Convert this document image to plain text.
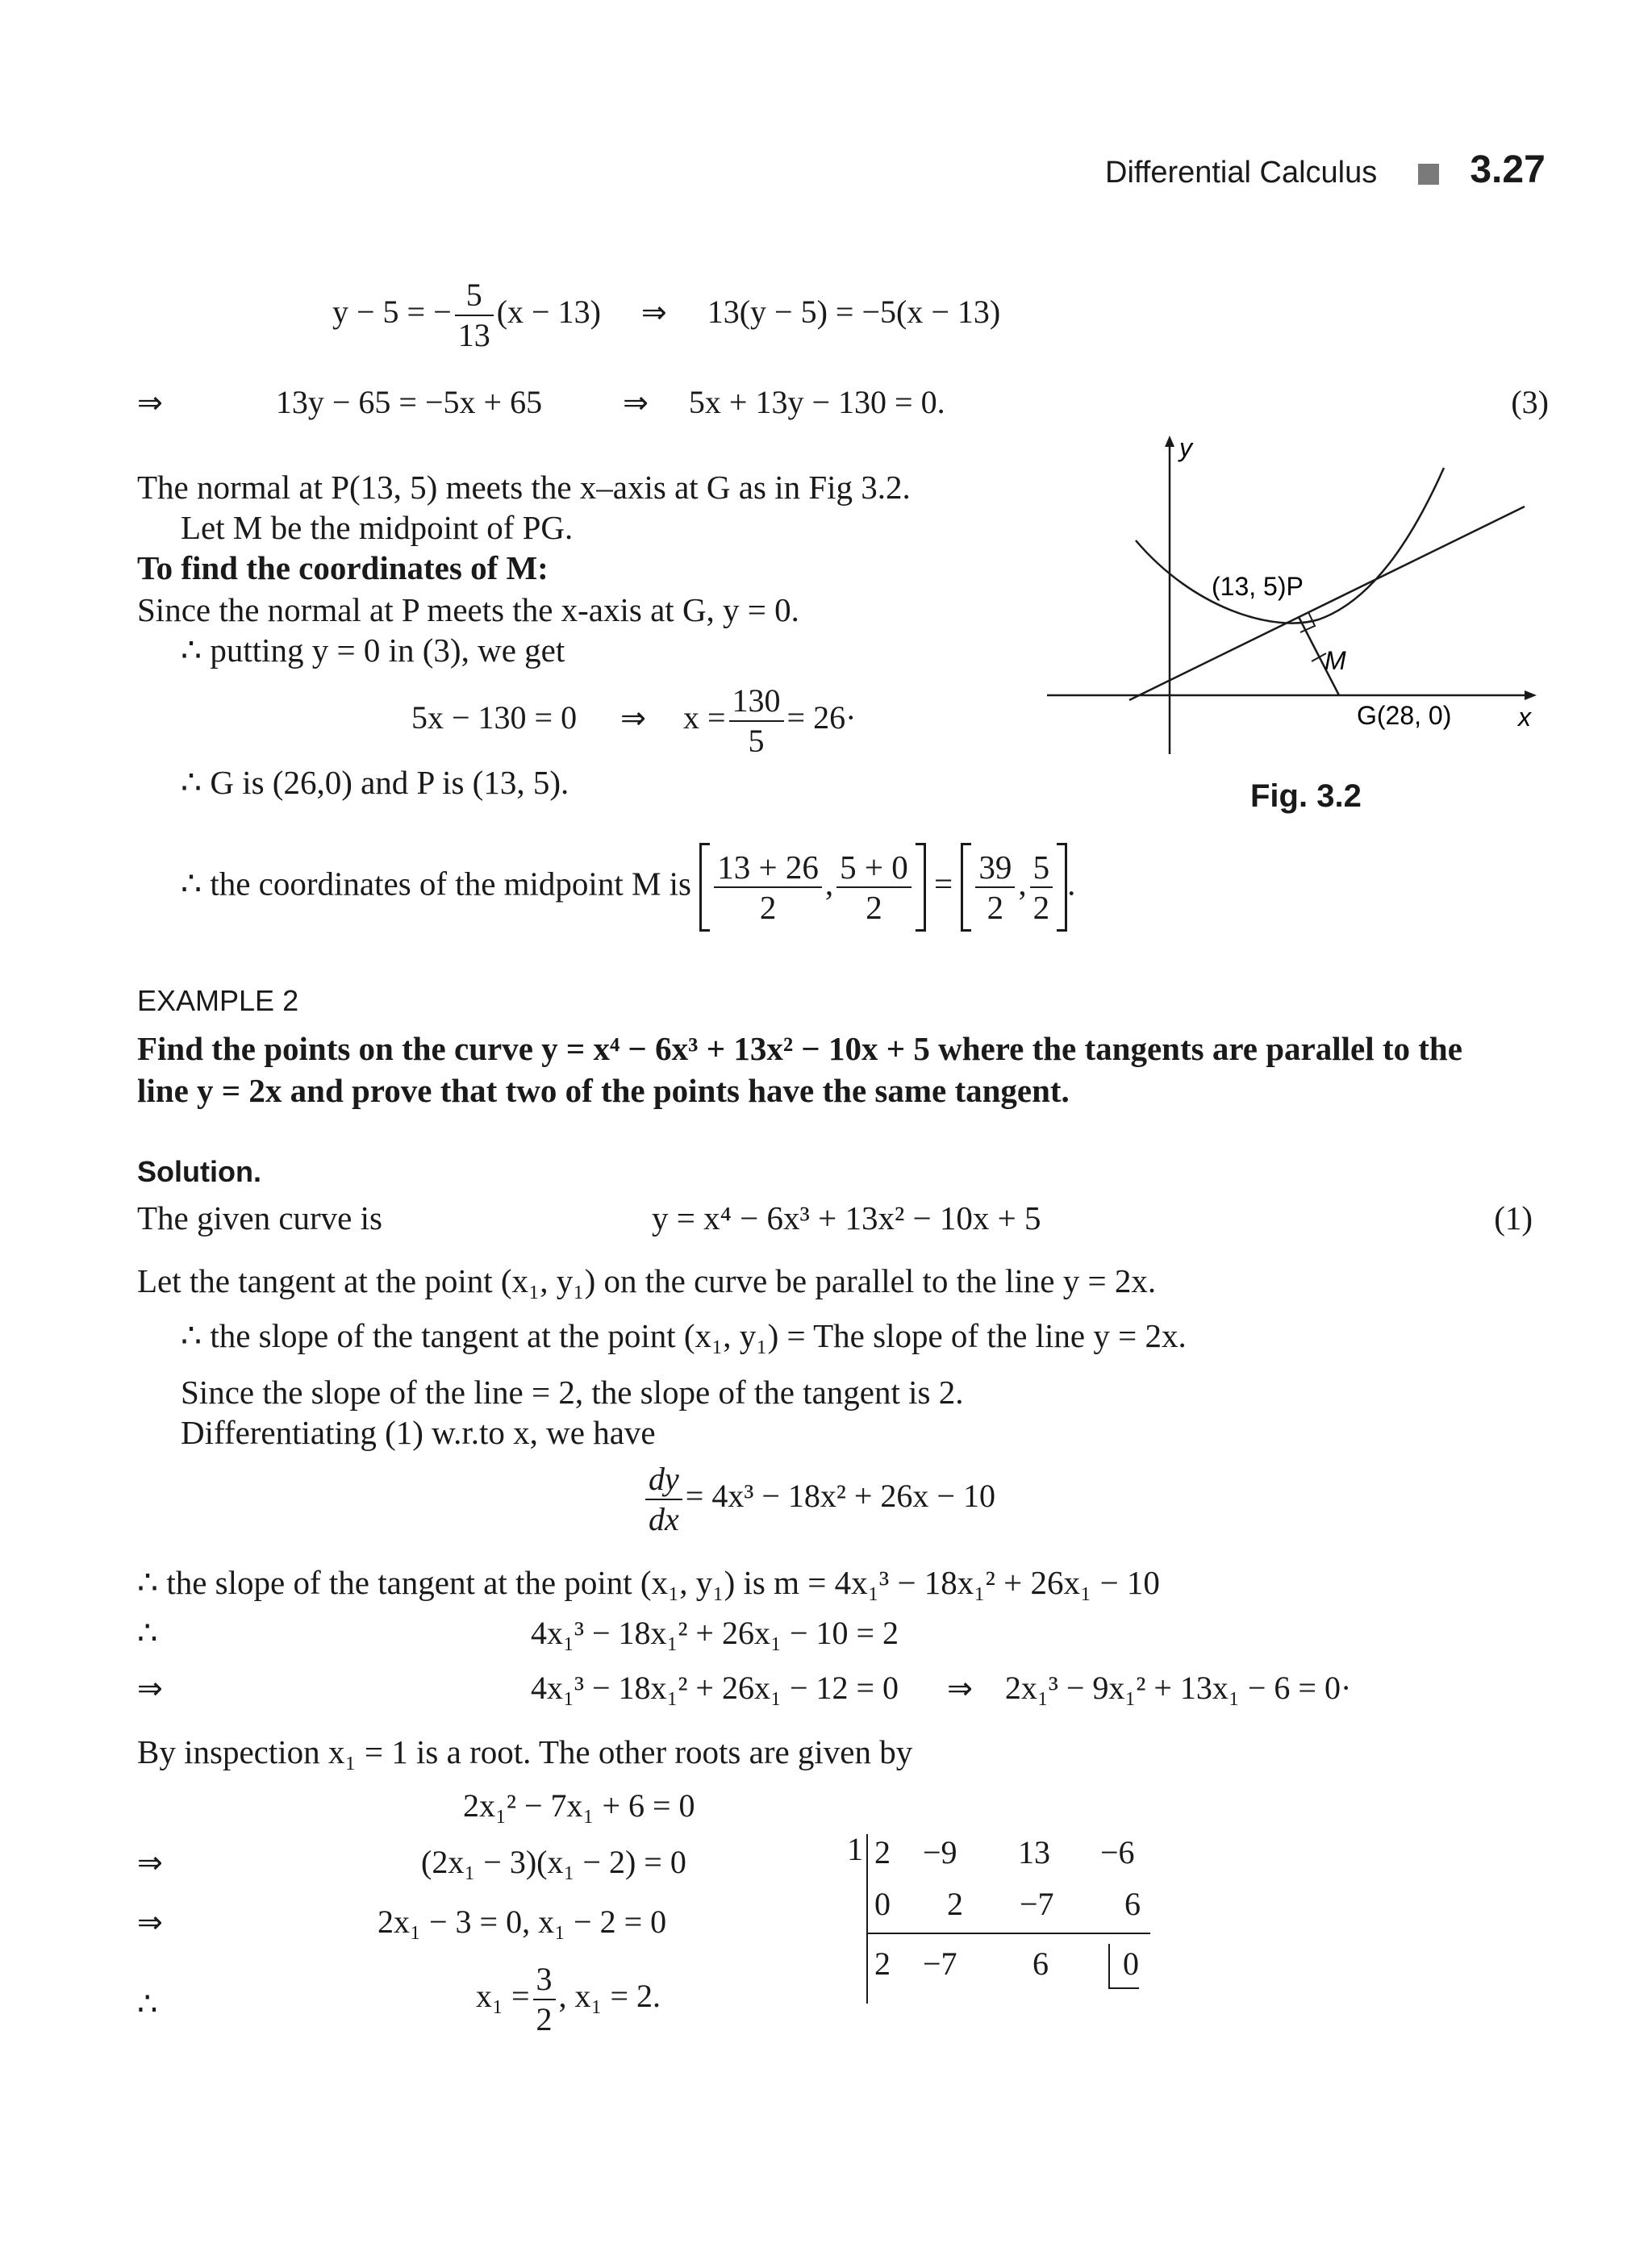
Differential Calculus 3.27
y − 5 = − $\frac{5}{13} (x - 13)$ ⇒ 13(y − 5) = −5(x − 13)
⇒	13y − 65 = −5x + 65	⇒ 5x + 13y − 130 = 0.	(3)
The normal at P(13, 5) meets the x–axis at G as in Fig 3.2.
Let M be the midpoint of PG.
To find the coordinates of M:
Since the normal at P meets the x-axis at G, y = 0.
∴ putting y = 0 in (3), we get
5x − 130 = 0 ⇒ $x = \frac{130}{5} = 26\cdot$
∴ G is (26,0) and P is (13, 5).
∴ the coordinates of the midpoint M is $\frac{13 + 26}{2}$ , $\frac{5 + 0}{2} = \frac{39}{2}$ , $\frac{5}{2}$ .
y
(13, 5)P
M
G(28, 0)	x
Fig. 3.2
EXAMPLE 2
Find the points on the curve y = x⁴ − 6x³ + 13x² − 10x + 5 where the tangents are parallel to the
line y = 2x and prove that two of the points have the same tangent.
Solution.
The given curve is	y = x⁴ − 6x³ + 13x² − 10x + 5	(1)
Let the tangent at the point (x₁, y₁) on the curve be parallel to the line y = 2x.
∴ the slope of the tangent at the point (x₁, y₁) = The slope of the line y = 2x.
Since the slope of the line = 2, the slope of the tangent is 2.
Differentiating (1) w.r.to x, we have
$\frac{dy}{dx} = 4x^3 - 18x^2 + 26x - 10$
∴ the slope of the tangent at the point (x₁, y₁) is m = 4x₁³ − 18x₁² + 26x₁ − 10
∴	4x₁³ − 18x₁² + 26x₁ − 10 = 2
⇒	4x₁³ − 18x₁² + 26x₁ − 12 = 0 ⇒ 2x₁³ − 9x₁² + 13x₁ − 6 = 0·
By inspection x₁ = 1 is a root. The other roots are given by
2x₁² − 7x₁ + 6 = 0
⇒	(2x₁ − 3)(x₁ − 2) = 0
⇒	2x₁ − 3 = 0, x₁ − 2 = 0
∴	$x_1 = \frac{3}{2}$ , x₁ = 2.
1 2 −9 13 −6
0 2 −7 6
2 −7 6	0
